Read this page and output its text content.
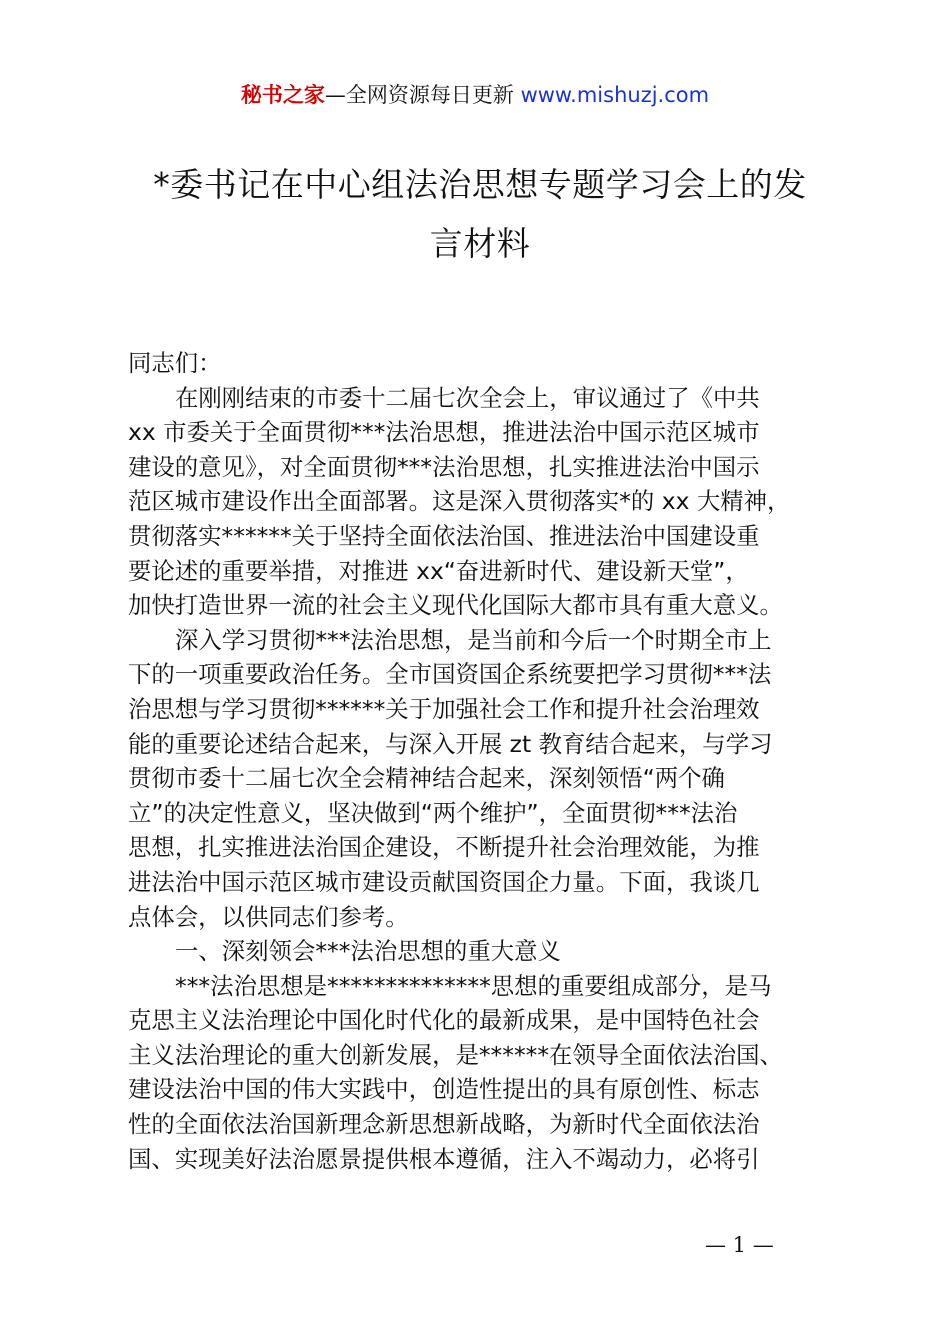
秘书之家—全网资源每日更新 www.mishuzj.com
*委书记在中心组法治思想专题学习会上的发
言材料
同志们：
在刚刚结束的市委十二届七次全会上，审议通过了《中共
xx 市委关于全面贯彻***法治思想，推进法治中国示范区城市
建设的意见》，对全面贯彻***法治思想，扎实推进法治中国示
范区城市建设作出全面部署。这是深入贯彻落实*的 xx 大精神，
贯彻落实******关于坚持全面依法治国、推进法治中国建设重
要论述的重要举措，对推进 xx“奋进新时代、建设新天堂”，
加快打造世界一流的社会主义现代化国际大都市具有重大意义。
深入学习贯彻***法治思想，是当前和今后一个时期全市上
下的一项重要政治任务。全市国资国企系统要把学习贯彻***法
治思想与学习贯彻******关于加强社会工作和提升社会治理效
能的重要论述结合起来，与深入开展 zt 教育结合起来，与学习
贯彻市委十二届七次全会精神结合起来，深刻领悟“两个确
立”的决定性意义，坚决做到“两个维护”，全面贯彻***法治
思想，扎实推进法治国企建设，不断提升社会治理效能，为推
进法治中国示范区城市建设贡献国资国企力量。下面，我谈几
点体会，以供同志们参考。
一、深刻领会***法治思想的重大意义
***法治思想是**************思想的重要组成部分，是马
克思主义法治理论中国化时代化的最新成果，是中国特色社会
主义法治理论的重大创新发展，是******在领导全面依法治国、
建设法治中国的伟大实践中，创造性提出的具有原创性、标志
性的全面依法治国新理念新思想新战略，为新时代全面依法治
国、实现美好法治愿景提供根本遵循，注入不竭动力，必将引
— 1 —
